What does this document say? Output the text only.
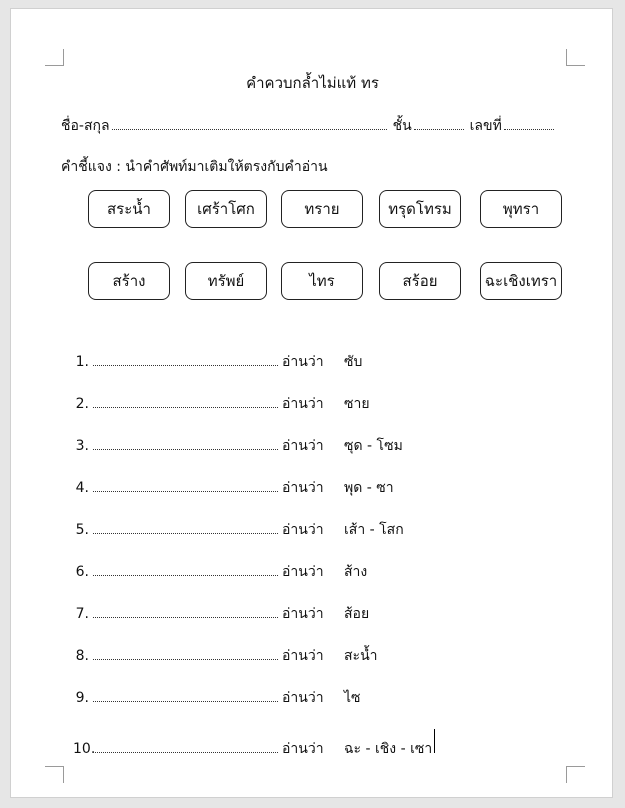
คำควบกล้ำไม่แท้ ทร
ชื่อ-สกุล	ชั้น	เลขที่
คำชี้แจง : นำคำศัพท์มาเติมให้ตรงกับคำอ่าน
สระน้ำ	เศร้าโศก	ทราย	ทรุดโทรม	พุทรา
สร้าง	ทรัพย์	ไทร	สร้อย	ฉะเชิงเทรา
1.	อ่านว่า	ซับ
2.	อ่านว่า	ซาย
3.	อ่านว่า	ซุด - โซม
4.	อ่านว่า	พุด - ซา
5.	อ่านว่า	เส้า - โสก
6.	อ่านว่า	ส้าง
7.	อ่านว่า	ส้อย
8.	อ่านว่า	สะน้ำ
9.	อ่านว่า	ไซ
10.	อ่านว่า	ฉะ - เชิง - เซา
